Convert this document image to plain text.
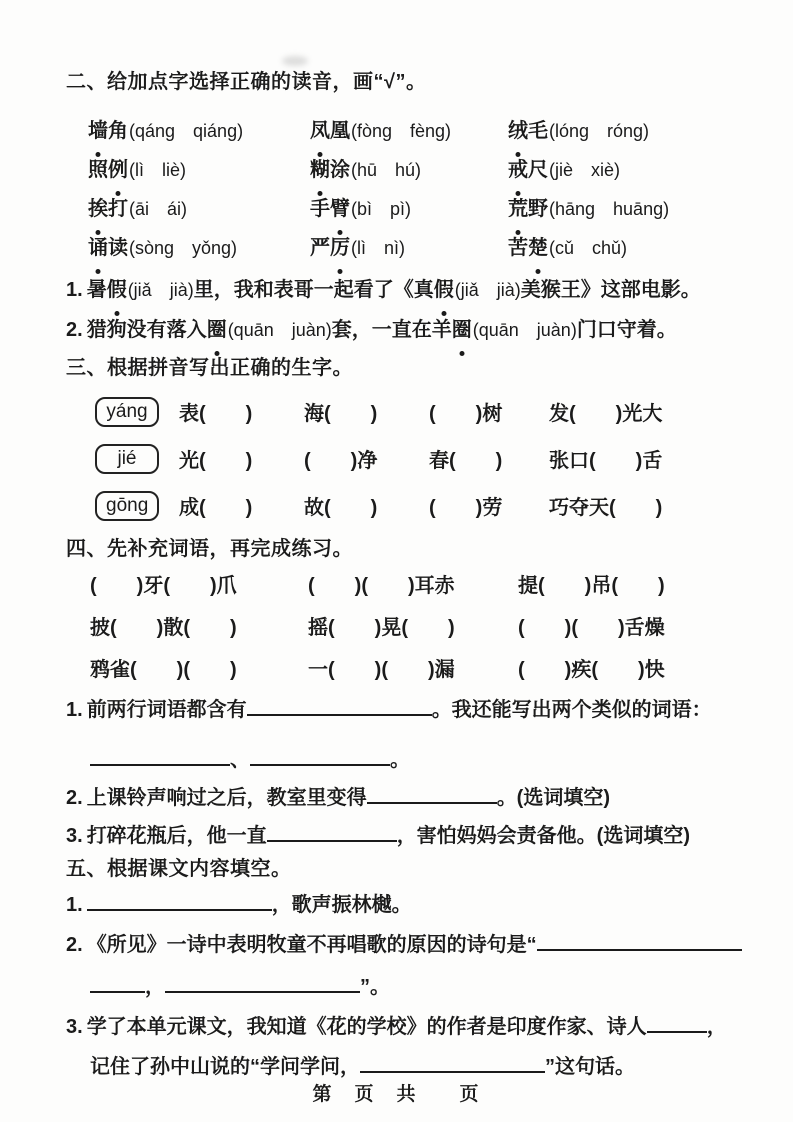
二、给加点字选择正确的读音，画“√”。
墙角(qáng　qiáng)	凤凰(fòng　fèng)	绒毛(lóng　róng)
照例(lì　liè)	糊涂(hū　hú)	戒尺(jiè　xiè)
挨打(āi　ái)	手臂(bì　pì)	荒野(hāng　huāng)
诵读(sòng　yǒng)	严厉(lì　nì)	苦楚(cǔ　chǔ)
1. 暑假(jiǎ　jià)里，我和表哥一起看了《真假(jiǎ　jià)美猴王》这部电影。
2. 猎狗没有落入圈(quān　juàn)套，一直在羊圈(quān　juàn)门口守着。
三、根据拼音写出正确的生字。
yáng	表(　　)	海(　　)	(　　)树	发(　　)光大
jié	光(　　)	(　　)净	春(　　)	张口(　　)舌
gōng	成(　　)	故(　　)	(　　)劳	巧夺天(　　)
四、先补充词语，再完成练习。
(　　)牙(　　)爪	(　　)(　　)耳赤	提(　　)吊(　　)
披(　　)散(　　)	摇(　　)晃(　　)	(　　)(　　)舌燥
鸦雀(　　)(　　)	一(　　)(　　)漏	(　　)疾(　　)快
1. 前两行词语都含有	。我还能写出两个类似的词语：
、	。
2. 上课铃声响过之后，教室里变得	。(选词填空)
3. 打碎花瓶后，他一直	，害怕妈妈会责备他。(选词填空)
五、根据课文内容填空。
1.	，歌声振林樾。
2. 《所见》一诗中表明牧童不再唱歌的原因的诗句是“
，	”。
3. 学了本单元课文，我知道《花的学校》的作者是印度作家、诗人	，
记住了孙中山说的“学问学问，	”这句话。
第　页　共　　页
